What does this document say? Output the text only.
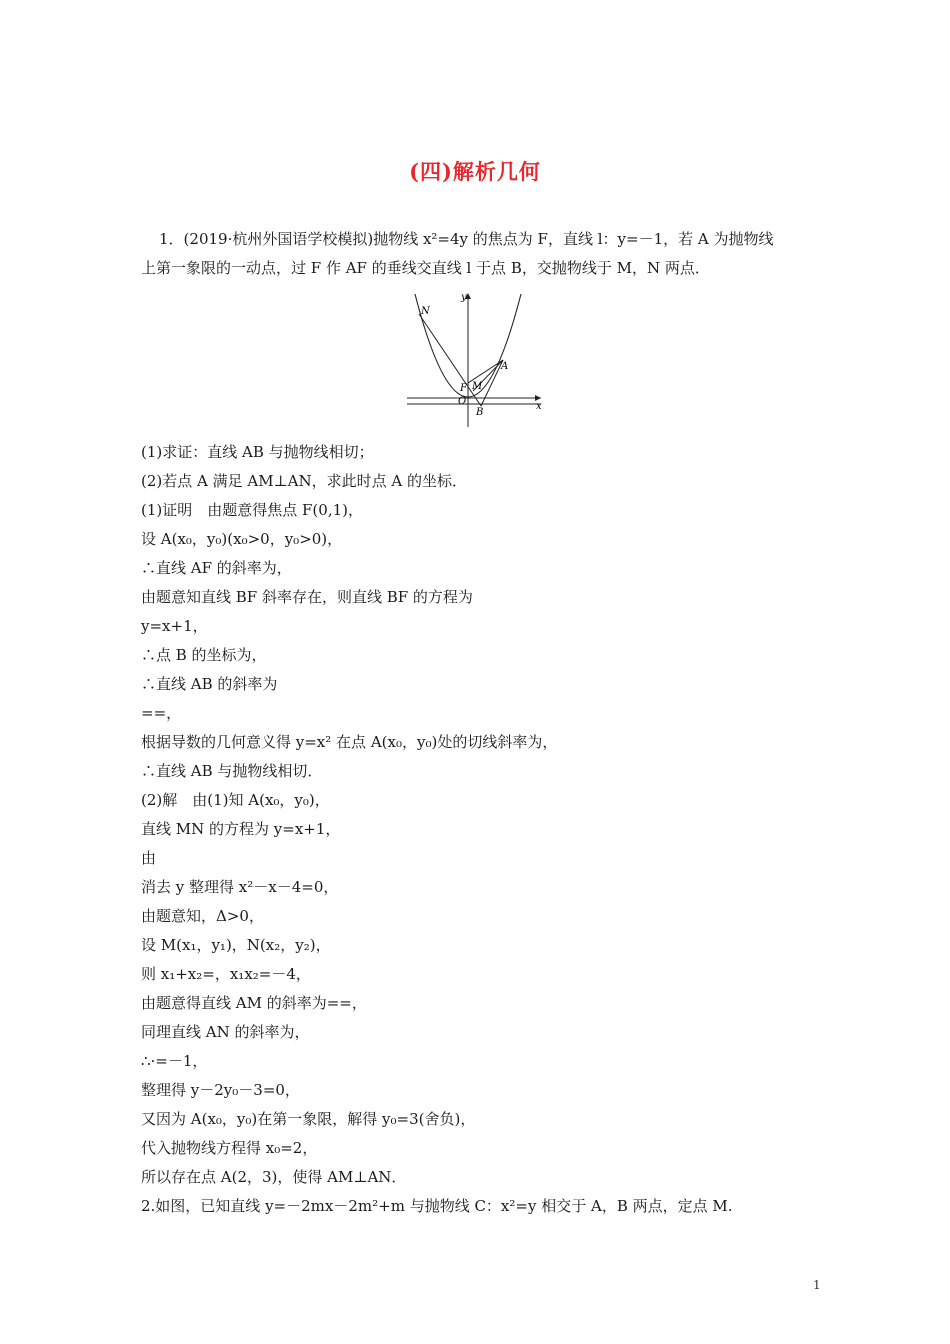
(四)解析几何
1．(2019·杭州外国语学校模拟)抛物线 x²=4y 的焦点为 F，直线 l：y=－1，若 A 为抛物线
上第一象限的一动点，过 F 作 AF 的垂线交直线 l 于点 B，交抛物线于 M，N 两点．
y
x
N
A
F M
O
B
(1)求证：直线 AB 与抛物线相切；
(2)若点 A 满足 AM⊥AN，求此时点 A 的坐标．
(1)证明　由题意得焦点 F(0,1)，
设 A(x₀，y₀)(x₀>0，y₀>0)，
∴直线 AF 的斜率为，
由题意知直线 BF 斜率存在，则直线 BF 的方程为
y=x+1，
∴点 B 的坐标为，
∴直线 AB 的斜率为
==，
根据导数的几何意义得 y=x² 在点 A(x₀，y₀)处的切线斜率为，
∴直线 AB 与抛物线相切．
(2)解　由(1)知 A(x₀，y₀)，
直线 MN 的方程为 y=x+1，
由
消去 y 整理得 x²－x－4=0，
由题意知，Δ>0，
设 M(x₁，y₁)，N(x₂，y₂)，
则 x₁+x₂=，x₁x₂=－4，
由题意得直线 AM 的斜率为==，
同理直线 AN 的斜率为，
∴·=－1，
整理得 y－2y₀－3=0，
又因为 A(x₀，y₀)在第一象限，解得 y₀=3(舍负)，
代入抛物线方程得 x₀=2，
所以存在点 A(2，3)，使得 AM⊥AN．
2.如图，已知直线 y=－2mx－2m²+m 与抛物线 C：x²=y 相交于 A，B 两点，定点 M.
1
